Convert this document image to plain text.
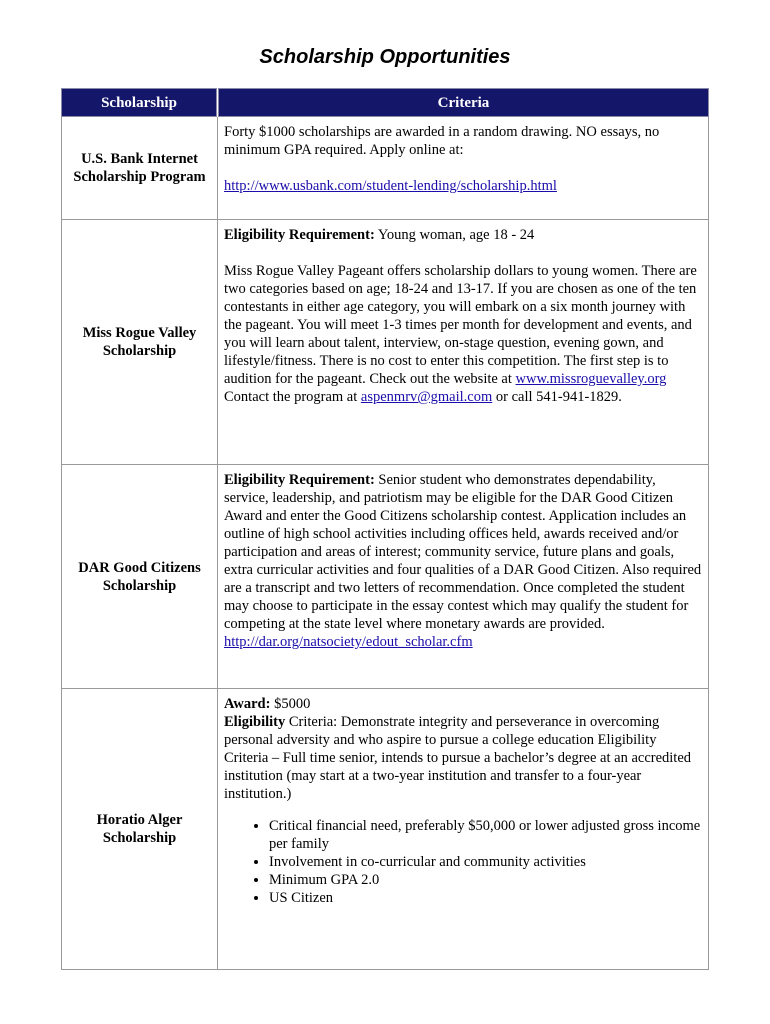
Scholarship Opportunities
Scholarship	Criteria
U.S. Bank Internet Scholarship Program

Forty $1000 scholarships are awarded in a random drawing. NO essays, no minimum GPA required. Apply online at:

http://www.usbank.com/student-lending/scholarship.html

Miss Rogue Valley Scholarship

Eligibility Requirement: Young woman, age 18 - 24

Miss Rogue Valley Pageant offers scholarship dollars to young women. There are two categories based on age; 18-24 and 13-17. If you are chosen as one of the ten contestants in either age category, you will embark on a six month journey with the pageant. You will meet 1-3 times per month for development and events, and you will learn about talent, interview, on-stage question, evening gown, and lifestyle/fitness. There is no cost to enter this competition. The first step is to audition for the pageant. Check out the website at www.missroguevalley.org Contact the program at aspenmrv@gmail.com or call 541-941-1829.

DAR Good Citizens Scholarship

Eligibility Requirement: Senior student who demonstrates dependability, service, leadership, and patriotism may be eligible for the DAR Good Citizen Award and enter the Good Citizens scholarship contest. Application includes an outline of high school activities including offices held, awards received and/or participation and areas of interest; community service, future plans and goals, extra curricular activities and four qualities of a DAR Good Citizen. Also required are a transcript and two letters of recommendation. Once completed the student may choose to participate in the essay contest which may qualify the student for competing at the state level where monetary awards are provided.

http://dar.org/natsociety/edout_scholar.cfm

Horatio Alger Scholarship

Award: $5000

Eligibility Criteria: Demonstrate integrity and perseverance in overcoming personal adversity and who aspire to pursue a college education Eligibility Criteria – Full time senior, intends to pursue a bachelor’s degree at an accredited institution (may start at a two-year institution and transfer to a four-year institution.)

• Critical financial need, preferably $50,000 or lower adjusted gross income per family
• Involvement in co-curricular and community activities
• Minimum GPA 2.0
• US Citizen
